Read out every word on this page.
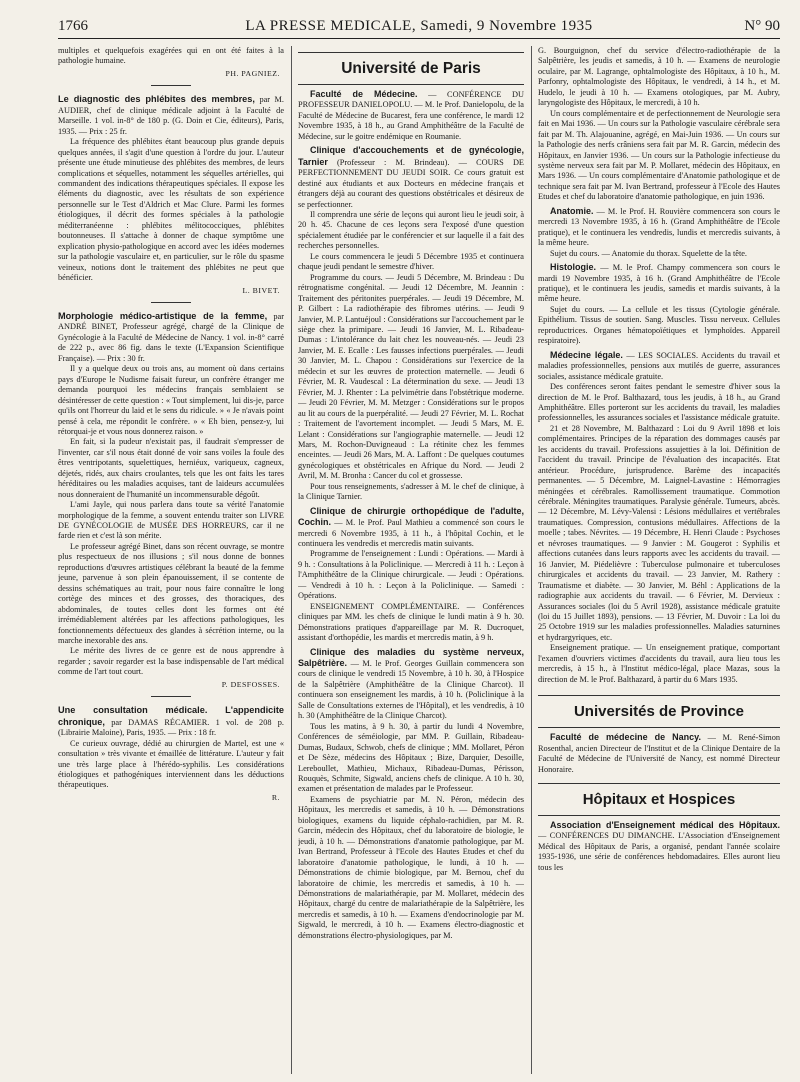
1766	LA PRESSE MEDICALE, Samedi, 9 Novembre 1935	N° 90

multiples et quelquefois exagérées qui en ont été faites à la pathologie humaine.

PH. PAGNIEZ.

Le diagnostic des phlébites des membres, par M. AUDIER, chef de clinique médicale adjoint à la Faculté de Marseille. 1 vol. in-8° de 180 p. (G. Doin et Cie, éditeurs), Paris, 1935. — Prix : 25 fr.

La fréquence des phlébites étant beaucoup plus grande depuis quelques années, il s'agit d'une question à l'ordre du jour. L'auteur présente une étude minutieuse des phlébites des membres, de leurs complications et séquelles, notamment les séquelles artérielles, qui commandent des indications thérapeutiques spéciales. Il expose les éléments du diagnostic, avec les résultats de son expérience personnelle sur le Test d'Aldrich et Mac Clure. Parmi les formes étiologiques, il décrit des formes spéciales à la pathologie méditerranéenne : phlébites mélitococciques, phlébites boutonneuses. Il s'attache à donner de chaque symptôme une explication physio-pathologique en accord avec les idées modernes sur la pathologie vasculaire et, en particulier, sur le rôle du spasme veineux, notions dont le traitement des phlébites ne peut que bénéficier.

L. BIVET.

Morphologie médico-artistique de la femme, par ANDRÉ BINET, Professeur agrégé, chargé de la Clinique de Gynécologie à la Faculté de Médecine de Nancy. 1 vol. in-8° carré de 222 p., avec 86 fig. dans le texte (L'Expansion Scientifique Française). — Prix : 30 fr.

Il y a quelque deux ou trois ans, au moment où dans certains pays d'Europe le Nudisme faisait fureur, un confrère étranger me demanda pourquoi les médecins français semblaient se désintéresser de cette question : « Tout simplement, lui dis-je, parce qu'ils ont l'horreur du laid et le sens du ridicule. » « Je n'avais point pensé à cela, me répondit le confrère. » « Eh bien, pensez-y, lui rétorquai-je et vous nous donnerez raison. »

En fait, si la pudeur n'existait pas, il faudrait s'empresser de l'inventer, car s'il nous était donné de voir sans voiles la foule des êtres ventripotants, squelettiques, herniéux, variqueux, cagneux, déjetés, ridés, aux chairs croulantes, tels que les ont faits les tares héréditaires ou les maladies acquises, tant de laideurs accumulées nous donneraient de l'humanité un incommensurable dégoût.

L'ami Jayle, qui nous parlera dans toute sa vérité l'anatomie morphologique de la femme, a souvent entendu traiter son LIVRE DE GYNÉCOLOGIE de MUSÉE DES HORREURS, car il ne farde rien et c'est là son mérite.

Le professeur agrégé Binet, dans son récent ouvrage, se montre plus respectueux de nos illusions ; s'il nous donne de bonnes reproductions d'œuvres artistiques célébrant la beauté de la femme jeune, parvenue à son plein épanouissement, il se contente de dessins schématiques au trait, pour nous faire connaître le long cortège des minces et des grosses, des thoraciques, des abdominales, de toutes celles dont les formes ont été irrémédiablement altérées par les affections pathologiques, les fonctionnements défectueux des glandes à sécrétion interne, ou la marche inexorable des ans.

Le mérite des livres de ce genre est de nous apprendre à regarder ; savoir regarder est la base indispensable de l'art médical comme de l'art tout court.

P. DESFOSSES.

Une consultation médicale. L'appendicite chronique, par DAMAS RÉCAMIER. 1 vol. de 208 p. (Librairie Maloine), Paris, 1935. — Prix : 18 fr.

Ce curieux ouvrage, dédié au chirurgien de Martel, est une « consultation » très vivante et émaillée de littérature. L'auteur y fait une très large place à l'hérédo-syphilis. Les considérations étiologiques et pathogéniques interviennent dans les déductions thérapeutiques.

R.

Université de Paris

Faculté de Médecine. — CONFÉRENCE DU PROFESSEUR DANIELOPOLU. — M. le Prof. Danielopolu, de la Faculté de Médecine de Bucarest, fera une conférence, le mardi 12 Novembre 1935, à 18 h., au Grand Amphithéâtre de la Faculté de Médecine, sur le goitre endémique en Roumanie.

Clinique d'accouchements et de gynécologie, Tarnier (Professeur : M. Brindeau). — COURS DE PERFECTIONNEMENT DU JEUDI SOIR. Ce cours gratuit est destiné aux étudiants et aux Docteurs en médecine français et étrangers déjà au courant des questions obstétricales et désireux de se perfectionner.

Il comprendra une série de leçons qui auront lieu le jeudi soir, à 20 h. 45. Chacune de ces leçons sera l'exposé d'une question spécialement étudiée par le conférencier et sur laquelle il a fait des recherches personnelles.

Le cours commencera le jeudi 5 Décembre 1935 et continuera chaque jeudi pendant le semestre d'hiver.

Programme du cours. — Jeudi 5 Décembre, M. Brindeau : Du rétrognatisme congénital. — Jeudi 12 Décembre, M. Jeannin : Traitement des péritonites puerpérales. — Jeudi 19 Décembre, M. P. Gilbert : La radiothérapie des fibromes utérins. — Jeudi 9 Janvier, M. P. Lantuéjoul : Considérations sur l'accouchement par le siège chez la primipare. — Jeudi 16 Janvier, M. L. Ribadeau-Dumas : L'intolérance du lait chez les nouveau-nés. — Jeudi 23 Janvier, M. E. Ecalle : Les fausses infections puerpérales. — Jeudi 30 Janvier, M. L. Chapou : Considérations sur l'exercice de la médecin et sur les œuvres de protection maternelle. — Jeudi 6 Février, M. R. Vaudescal : La détermination du sexe. — Jeudi 13 Février, M. J. Rhenter : La pelvimétrie dans l'obstétrique moderne. — Jeudi 20 Février, M. M. Metzger : Considérations sur le propos au lit au cours de la puerpéralité. — Jeudi 27 Février, M. L. Rochat : Traitement de l'avortement incomplet. — Jeudi 5 Mars, M. E. Lelant : Considérations sur l'angiographie maternelle. — Jeudi 12 Mars, M. Rochon-Duvigneaud : La rétinite chez les femmes enceintes. — Jeudi 26 Mars, M. A. Laffont : De quelques coutumes gynécologiques et obstétricales en Afrique du Nord. — Jeudi 2 Avril, M. M. Bronha : Cancer du col et grossesse.

Pour tous renseignements, s'adresser à M. le chef de clinique, à la Clinique Tarnier.

Clinique de chirurgie orthopédique de l'adulte, Cochin. — M. le Prof. Paul Mathieu a commencé son cours le mercredi 6 Novembre 1935, à 11 h., à l'hôpital Cochin, et le continuera les vendredis et mercredis matin suivants.

Programme de l'enseignement : Lundi : Opérations. — Mardi à 9 h. : Consultations à la Policlinique. — Mercredi à 11 h. : Leçon à l'Amphithéâtre de la Clinique chirurgicale. — Jeudi : Opérations. — Vendredi à 10 h. : Leçon à la Policlinique. — Samedi : Opérations.

ENSEIGNEMENT COMPLÉMENTAIRE. — Conférences cliniques par MM. les chefs de clinique le lundi matin à 9 h. 30. Démonstrations pratiques d'appareillage par M. R. Ducroquet, assistant d'orthopédie, les mardis et mercredis matin, à 9 h.

Clinique des maladies du système nerveux, Salpêtrière. — M. le Prof. Georges Guillain commencera son cours de clinique le vendredi 15 Novembre, à 10 h. 30, à l'Hospice de la Salpêtrière (Amphithéâtre de la Clinique Charcot). Il continuera son enseignement les mardis, à 10 h. (Policlinique à la Salle de Consultations externes de l'Hôpital), et les vendredis, à 10 h. 30 (Amphithéâtre de la Clinique Charcot).

Tous les matins, à 9 h. 30, à partir du lundi 4 Novembre, Conférences de séméiologie, par MM. P. Guillain, Ribadeau-Dumas, Budaux, Schwob, chefs de clinique ; MM. Mollaret, Péron et De Sèze, médecins des Hôpitaux ; Bize, Darquier, Desoille, Lereboullet, Mathieu, Michaux, Ribadeau-Dumas, Périsson, Rouquès, Schmite, Sigwald, anciens chefs de clinique. A 10 h. 30, examen et présentation de malades par le Professeur.

Examens de psychiatrie par M. N. Péron, médecin des Hôpitaux, les mercredis et samedis, à 10 h. — Démonstrations biologiques, examens du liquide céphalo-rachidien, par M. R. Garcin, médecin des Hôpitaux, chef du laboratoire de biologie, le jeudi, à 10 h. — Démonstrations d'anatomie pathologique, par M. Ivan Bertrand, Professeur à l'Ecole des Hautes Etudes et chef du laboratoire d'anatomie pathologique, le lundi, à 10 h. — Démonstrations de chimie biologique, par M. Bernou, chef du laboratoire de chimie, les mercredis et samedis, à 10 h. — Démonstrations de malariathérapie, par M. Mollaret, médecin des Hôpitaux, chargé du centre de malariathérapie de la Salpêtrière, les mercredis et samedis, à 10 h. — Examens d'endocrinologie par M. Sigwald, le mercredi, à 10 h. — Examens électro-diagnostic et démonstrations électro-physiologiques, par M.

G. Bourguignon, chef du service d'électro-radiothérapie de la Salpêtrière, les jeudis et samedis, à 10 h. — Examens de neurologie oculaire, par M. Lagrange, ophtalmologiste des Hôpitaux, à 10 h., M. Parfonry, ophtalmologiste des Hôpitaux, le vendredi, à 14 h., et M. Hudelo, le jeudi à 10 h. — Examens otologiques, par M. Aubry, laryngologiste des Hôpitaux, le mercredi, à 10 h.

Un cours complémentaire et de perfectionnement de Neurologie sera fait en Mai 1936. — Un cours sur la Pathologie vasculaire cérébrale sera fait par M. Th. Alajouanine, agrégé, en Mai-Juin 1936. — Un cours sur la Pathologie des nerfs crâniens sera fait par M. R. Garcin, médecin des Hôpitaux, en Janvier 1936. — Un cours sur la Pathologie infectieuse du système nerveux sera fait par M. P. Mollaret, médecin des Hôpitaux, en Mars 1936. — Un cours complémentaire d'Anatomie pathologique et de technique sera fait par M. Ivan Bertrand, professeur à l'Ecole des Hautes Etudes et chef du laboratoire d'anatomie pathologique, en juin 1936.

Anatomie. — M. le Prof. H. Rouvière commencera son cours le mercredi 13 Novembre 1935, à 16 h. (Grand Amphithéâtre de l'Ecole pratique), et le continuera les vendredis, lundis et mercredis suivants, à la même heure.

Sujet du cours. — Anatomie du thorax. Squelette de la tête.

Histologie. — M. le Prof. Champy commencera son cours le mardi 19 Novembre 1935, à 16 h. (Grand Amphithéâtre de l'Ecole pratique), et le continuera les jeudis, samedis et mardis suivants, à la même heure.

Sujet du cours. — La cellule et les tissus (Cytologie générale. Epithélium. Tissus de soutien. Sang. Muscles. Tissu nerveux. Cellules reproductrices. Organes hématopoïétiques et lymphoïdes. Appareil respiratoire).

Médecine légale. — LES SOCIALES. Accidents du travail et maladies professionnelles, pensions aux mutilés de guerre, assurances sociales, assistance médicale gratuite.

Des conférences seront faites pendant le semestre d'hiver sous la direction de M. le Prof. Balthazard, tous les jeudis, à 18 h., au Grand Amphithéâtre. Elles porteront sur les accidents du travail, les maladies professionnelles, les assurances sociales et l'assistance médicale gratuite.

21 et 28 Novembre, M. Balthazard : Loi du 9 Avril 1898 et lois complémentaires. Principes de la réparation des dommages causés par les accidents du travail. Professions assujetties à la loi. Définition de l'accident du travail. Principe de l'évaluation des incapacités. Etat antérieur. Procédure, jurisprudence. Barème des incapacités permanentes. — 5 Décembre, M. Laignel-Lavastine : Hémorragies méningées et cérébrales. Ramollissement traumatique. Commotion cérébrale. Méningites traumatiques. Paralysie générale. Tumeurs, abcès. — 12 Décembre, M. Lévy-Valensi : Lésions médullaires et vertébrales traumatiques. Compression, contusions médullaires. Affections de la moelle ; tabes. Névrites. — 19 Décembre, H. Henri Claude : Psychoses et névroses traumatiques. — 9 Janvier : M. Gougerot : Syphilis et affections cutanées dans leurs rapports avec les accidents du travail. — 16 Janvier, M. Piédelièvre : Tuberculose pulmonaire et tuberculoses chirurgicales et accidents du travail. — 23 Janvier, M. Rathery : Traumatisme et diabète. — 30 Janvier, M. Béhl : Applications de la radiographie aux accidents du travail. — 6 Février, M. Dervieux : Assurances sociales (loi du 5 Avril 1928), assistance médicale gratuite (loi du 15 Juillet 1893), pensions. — 13 Février, M. Duvoir : La loi du 25 Octobre 1919 sur les maladies professionnelles. Maladies saturnines et hydrargyriques, etc.

Enseignement pratique. — Un enseignement pratique, comportant l'examen d'ouvriers victimes d'accidents du travail, aura lieu tous les mercredis, à 15 h., à l'Institut médico-légal, place Mazas, sous la direction de M. le Prof. Balthazard, à partir du 6 Mars 1935.

Universités de Province

Faculté de médecine de Nancy. — M. René-Simon Rosenthal, ancien Directeur de l'Institut et de la Clinique Dentaire de la Faculté de Médecine de l'Université de Nancy, est nommé Directeur Honoraire.

Hôpitaux et Hospices

Association d'Enseignement médical des Hôpitaux. — CONFÉRENCES DU DIMANCHE. L'Association d'Enseignement Médical des Hôpitaux de Paris, a organisé, pendant l'année scolaire 1935-1936, une série de conférences hebdomadaires. Elles auront lieu tous les
